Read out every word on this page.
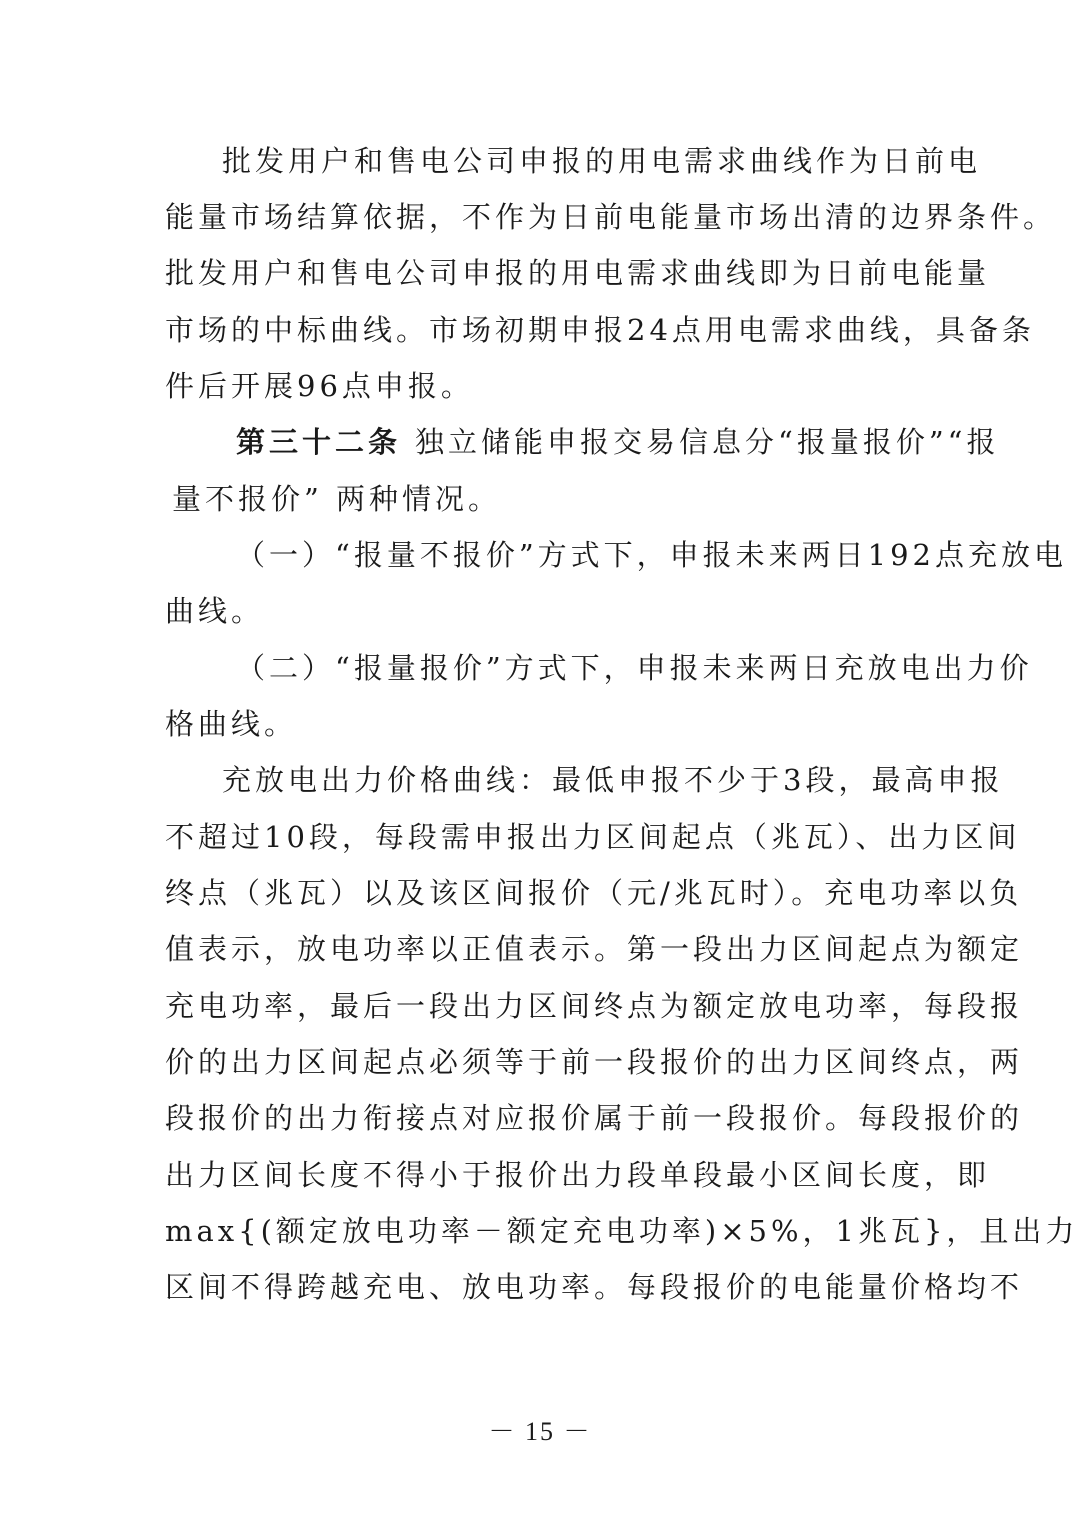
批发用户和售电公司申报的用电需求曲线作为日前电
能量市场结算依据，不作为日前电能量市场出清的边界条件。
批发用户和售电公司申报的用电需求曲线即为日前电能量
市场的中标曲线。市场初期申报24点用电需求曲线，具备条
件后开展96点申报。
第三十二条 独立储能申报交易信息分“报量报价”“报
量不报价” 两种情况。
（一）“报量不报价”方式下，申报未来两日192点充放电
曲线。
（二）“报量报价”方式下，申报未来两日充放电出力价
格曲线。
充放电出力价格曲线：最低申报不少于3段，最高申报
不超过10段，每段需申报出力区间起点（兆瓦）、出力区间
终点（兆瓦）以及该区间报价（元/兆瓦时）。充电功率以负
值表示，放电功率以正值表示。第一段出力区间起点为额定
充电功率，最后一段出力区间终点为额定放电功率，每段报
价的出力区间起点必须等于前一段报价的出力区间终点，两
段报价的出力衔接点对应报价属于前一段报价。每段报价的
出力区间长度不得小于报价出力段单段最小区间长度，即
max{(额定放电功率－额定充电功率)×5%，1兆瓦}，且出力
区间不得跨越充电、放电功率。每段报价的电能量价格均不
－ 15 －
